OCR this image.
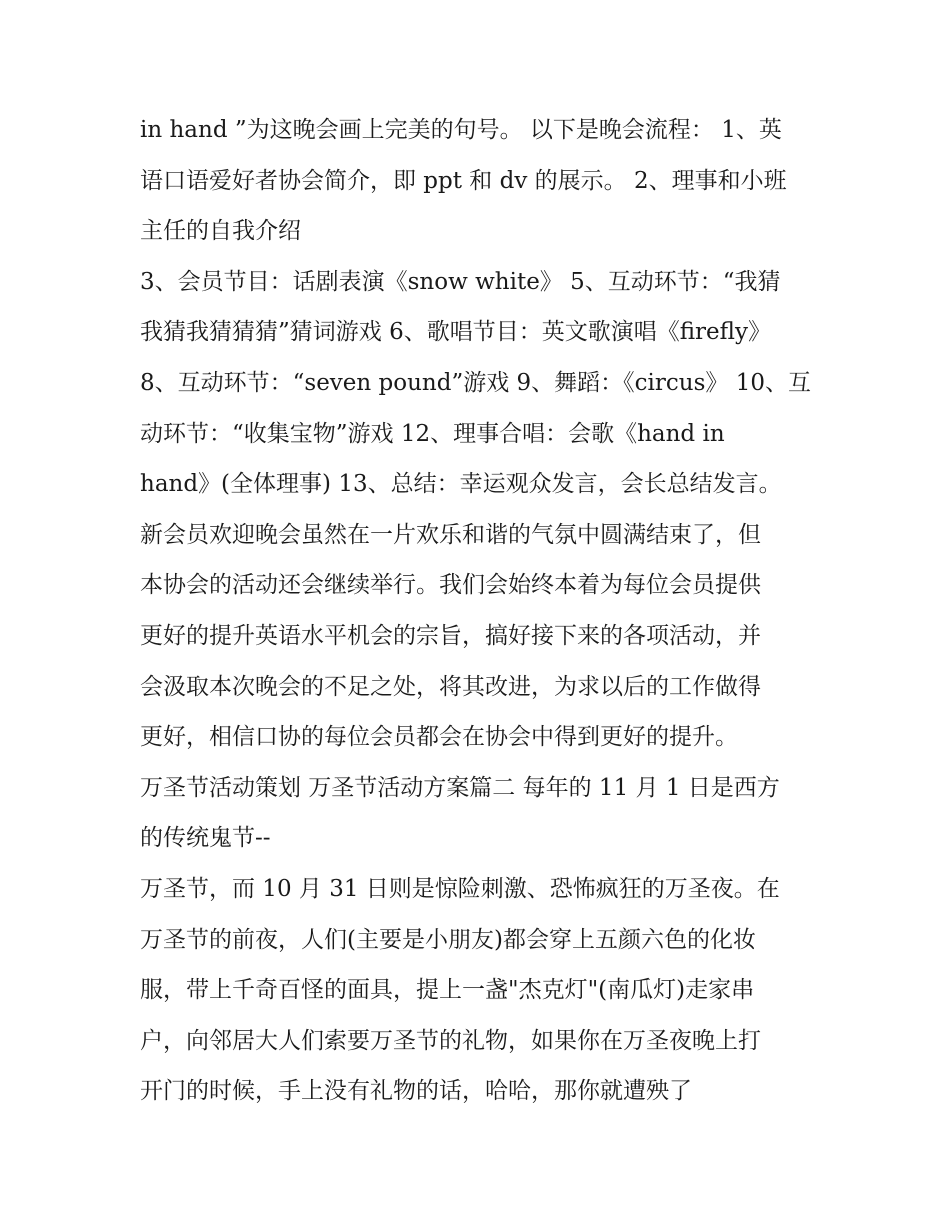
in hand ”为这晚会画上完美的句号。 以下是晚会流程： 1、英
语口语爱好者协会简介，即 ppt 和 dv 的展示。 2、理事和小班
主任的自我介绍
3、会员节目：话剧表演《snow white》 5、互动环节：“我猜
我猜我猜猜猜”猜词游戏 6、歌唱节目：英文歌演唱《firefly》
8、互动环节：“seven pound”游戏 9、舞蹈：《circus》 10、互
动环节：“收集宝物”游戏 12、理事合唱：会歌《hand in
hand》(全体理事) 13、总结：幸运观众发言，会长总结发言。
新会员欢迎晚会虽然在一片欢乐和谐的气氛中圆满结束了，但
本协会的活动还会继续举行。我们会始终本着为每位会员提供
更好的提升英语水平机会的宗旨，搞好接下来的各项活动，并
会汲取本次晚会的不足之处，将其改进，为求以后的工作做得
更好，相信口协的每位会员都会在协会中得到更好的提升。
万圣节活动策划 万圣节活动方案篇二 每年的 11 月 1 日是西方
的传统鬼节--
万圣节，而 10 月 31 日则是惊险刺激、恐怖疯狂的万圣夜。在
万圣节的前夜，人们(主要是小朋友)都会穿上五颜六色的化妆
服，带上千奇百怪的面具，提上一盏"杰克灯"(南瓜灯)走家串
户，向邻居大人们索要万圣节的礼物，如果你在万圣夜晚上打
开门的时候，手上没有礼物的话，哈哈，那你就遭殃了
